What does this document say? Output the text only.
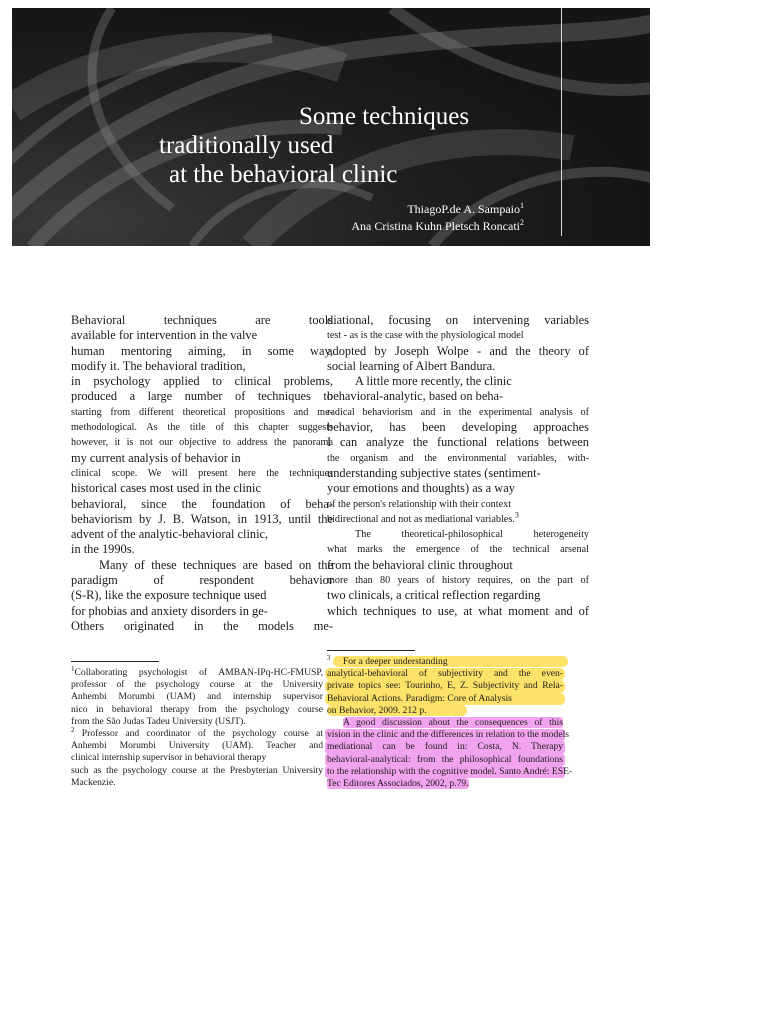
Some techniques
traditionally used
at the behavioral clinic
ThiagoP.de A. Sampaio$^1$
Ana Cristina Kuhn Pletsch Roncati$^2$
Behavioral techniques are tools
available for intervention in the valve
human mentoring aiming, in some way,
modify it. The behavioral tradition,
in psychology applied to clinical problems,
produced a large number of techniques to
starting from different theoretical propositions and me-
methodological. As the title of this chapter suggests
however, it is not our objective to address the panorama
my current analysis of behavior in
clinical scope. We will present here the techniques
historical cases most used in the clinic
behavioral, since the foundation of beha-
behaviorism by J. B. Watson, in 1913, until the
advent of the analytic-behavioral clinic,
in the 1990s.
Many of these techniques are based on the
paradigm of respondent behavior
(S-R), like the exposure technique used
for phobias and anxiety disorders in ge-
Others originated in the models me-
diational, focusing on intervening variables
test - as is the case with the physiological model
adopted by Joseph Wolpe - and the theory of
social learning of Albert Bandura.
A little more recently, the clinic
behavioral-analytic, based on beha-
radical behaviorism and in the experimental analysis of
behavior, has been developing approaches
I can analyze the functional relations between
the organism and the environmental variables, with-
understanding subjective states (sentiment-
your emotions and thoughts) as a way
of the person's relationship with their context
bidirectional and not as mediational variables.$^3$
The theoretical-philosophical heterogeneity
what marks the emergence of the technical arsenal
from the behavioral clinic throughout
more than 80 years of history requires, on the part of
two clinicals, a critical reflection regarding
which techniques to use, at what moment and of
$^1$Collaborating psychologist of AMBAN-IPq-HC-FMUSP,
professor of the psychology course at the University
Anhembi Morumbi (UAM) and internship supervisor
nico in behavioral therapy from the psychology course
from the São Judas Tadeu University (USJT).
$^2$ Professor and coordinator of the psychology course at
Anhembi Morumbi University (UAM). Teacher and
clinical internship supervisor in behavioral therapy
such as the psychology course at the Presbyterian University
Mackenzie.
$^3$ For a deeper understanding
analytical-behavioral of subjectivity and the even-
private topics see: Tourinho, E, Z. Subjectivity and Rela-
Behavioral Actions. Paradigm: Core of Analysis
on Behavior, 2009. 212 p.
A good discussion about the consequences of this
vision in the clinic and the differences in relation to the models
mediational can be found in: Costa, N. Therapy
behavioral-analytical: from the philosophical foundations
to the relationship with the cognitive model. Santo André: ESE-
Tec Editores Associados, 2002, p.79.
